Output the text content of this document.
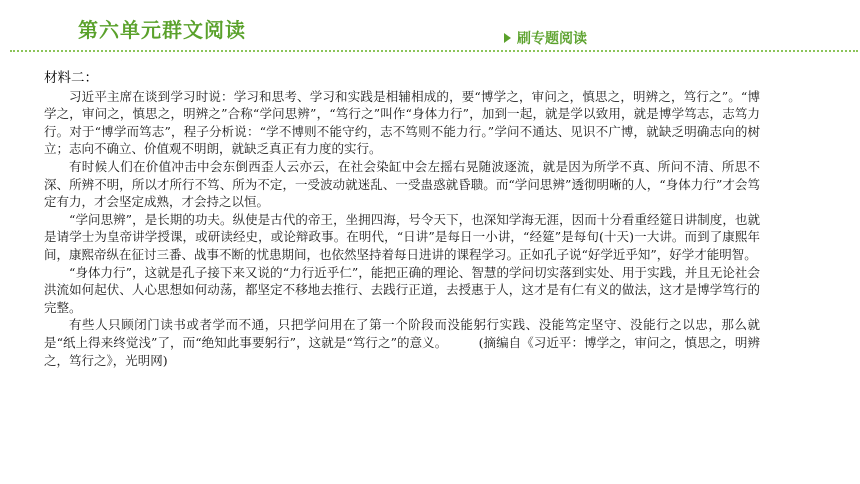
第六单元群文阅读	刷专题阅读

材料二：

习近平主席在谈到学习时说：学习和思考、学习和实践是相辅相成的，要“博学之，审问之，慎思之，明辨之，笃行之”。“博学之，审问之，慎思之，明辨之”合称“学问思辨”，“笃行之”叫作“身体力行”，加到一起，就是学以致用，就是博学笃志，志笃力行。对于“博学而笃志”，程子分析说：“学不博则不能守约，志不笃则不能力行。”学问不通达、见识不广博，就缺乏明确志向的树立；志向不确立、价值观不明朗，就缺乏真正有力度的实行。

有时候人们在价值冲击中会东倒西歪人云亦云，在社会染缸中会左摇右晃随波逐流，就是因为所学不真、所问不清、所思不深、所辨不明，所以才所行不笃、所为不定，一受波动就迷乱、一受蛊惑就昏聩。而“学问思辨”透彻明晰的人，“身体力行”才会笃定有力，才会坚定成熟，才会持之以恒。

“学问思辨”，是长期的功夫。纵使是古代的帝王，坐拥四海，号令天下，也深知学海无涯，因而十分看重经筵日讲制度，也就是请学士为皇帝讲学授课，或研读经史，或论辩政事。在明代，“日讲”是每日一小讲，“经筵”是每旬(十天)一大讲。而到了康熙年间，康熙帝纵在征讨三番、战事不断的忧患期间，也依然坚持着每日进讲的课程学习。正如孔子说“好学近乎知”，好学才能明智。

“身体力行”，这就是孔子接下来又说的“力行近乎仁”，能把正确的理论、智慧的学问切实落到实处、用于实践，并且无论社会洪流如何起伏、人心思想如何动荡，都坚定不移地去推行、去践行正道，去授惠于人，这才是有仁有义的做法，这才是博学笃行的完整。

有些人只顾闭门读书或者学而不通，只把学问用在了第一个阶段而没能躬行实践、没能笃定坚守、没能行之以忠，那么就是“纸上得来终觉浅”了，而“绝知此事要躬行”，这就是“笃行之”的意义。	(摘编自《习近平：博学之，审问之，慎思之，明辨之，笃行之》，光明网)
